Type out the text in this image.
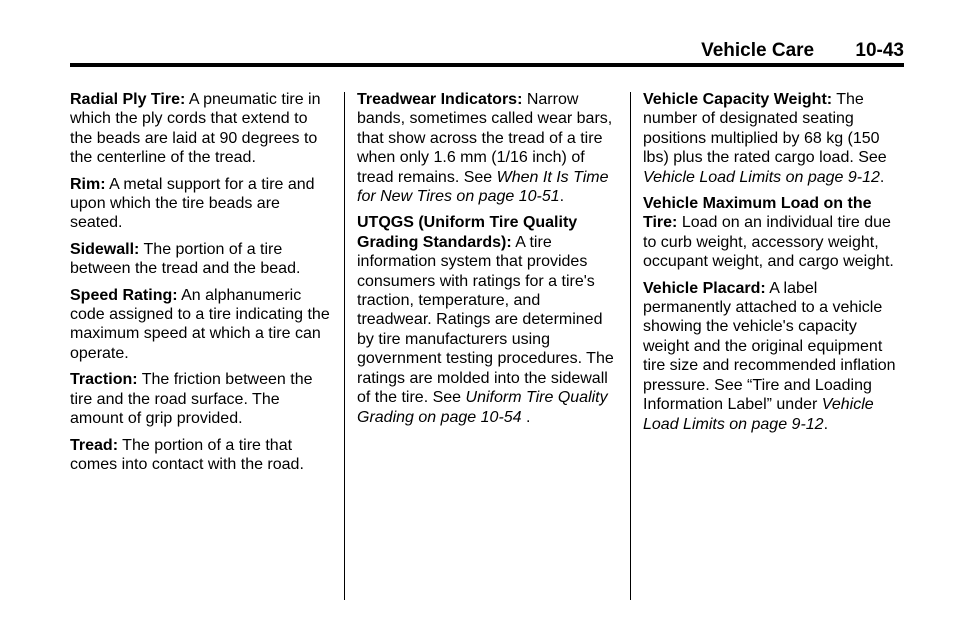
Vehicle Care 10-43

Radial Ply Tire: A pneumatic tire in which the ply cords that extend to the beads are laid at 90 degrees to the centerline of the tread.

Rim: A metal support for a tire and upon which the tire beads are seated.

Sidewall: The portion of a tire between the tread and the bead.

Speed Rating: An alphanumeric code assigned to a tire indicating the maximum speed at which a tire can operate.

Traction: The friction between the tire and the road surface. The amount of grip provided.

Tread: The portion of a tire that comes into contact with the road.

Treadwear Indicators: Narrow bands, sometimes called wear bars, that show across the tread of a tire when only 1.6 mm (1/16 inch) of tread remains. See When It Is Time for New Tires on page 10-51.

UTQGS (Uniform Tire Quality Grading Standards): A tire information system that provides consumers with ratings for a tire's traction, temperature, and treadwear. Ratings are determined by tire manufacturers using government testing procedures. The ratings are molded into the sidewall of the tire. See Uniform Tire Quality Grading on page 10-54 .

Vehicle Capacity Weight: The number of designated seating positions multiplied by 68 kg (150 lbs) plus the rated cargo load. See Vehicle Load Limits on page 9-12.

Vehicle Maximum Load on the Tire: Load on an individual tire due to curb weight, accessory weight, occupant weight, and cargo weight.

Vehicle Placard: A label permanently attached to a vehicle showing the vehicle's capacity weight and the original equipment tire size and recommended inflation pressure. See “Tire and Loading Information Label” under Vehicle Load Limits on page 9-12.
